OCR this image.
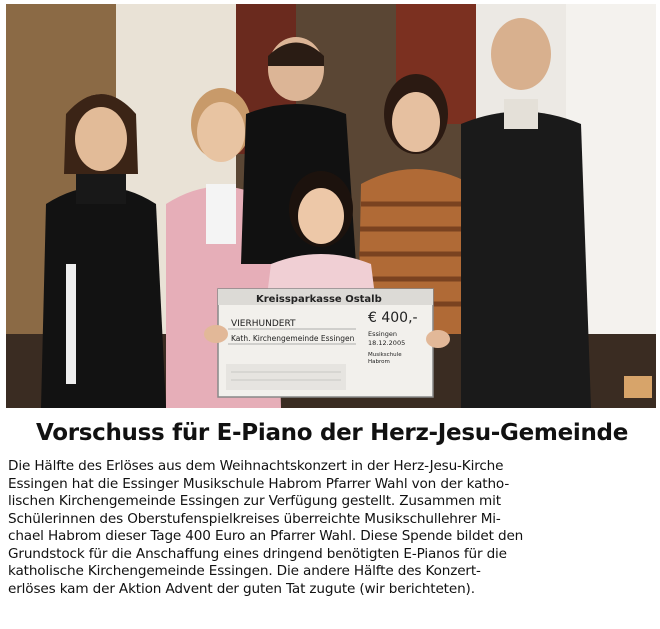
Kreissparkasse Ostalb
VIERHUNDERT
Kath. Kirchengemeinde Essingen
€ 400,-
Essingen
18.12.2005
Musikschule
Habrom
Vorschuss für E-Piano der Herz-Jesu-Gemeinde
Die Hälfte des Erlöses aus dem Weihnachtskonzert in der Herz-Jesu-Kirche
Essingen hat die Essinger Musikschule Habrom Pfarrer Wahl von der katho-
lischen Kirchengemeinde Essingen zur Verfügung gestellt. Zusammen mit
Schülerinnen des Oberstufenspielkreises überreichte Musikschullehrer Mi-
chael Habrom dieser Tage 400 Euro an Pfarrer Wahl. Diese Spende bildet den
Grundstock für die Anschaffung eines dringend benötigten E-Pianos für die
katholische Kirchengemeinde Essingen. Die andere Hälfte des Konzert-
erlöses kam der Aktion Advent der guten Tat zugute (wir berichteten).
